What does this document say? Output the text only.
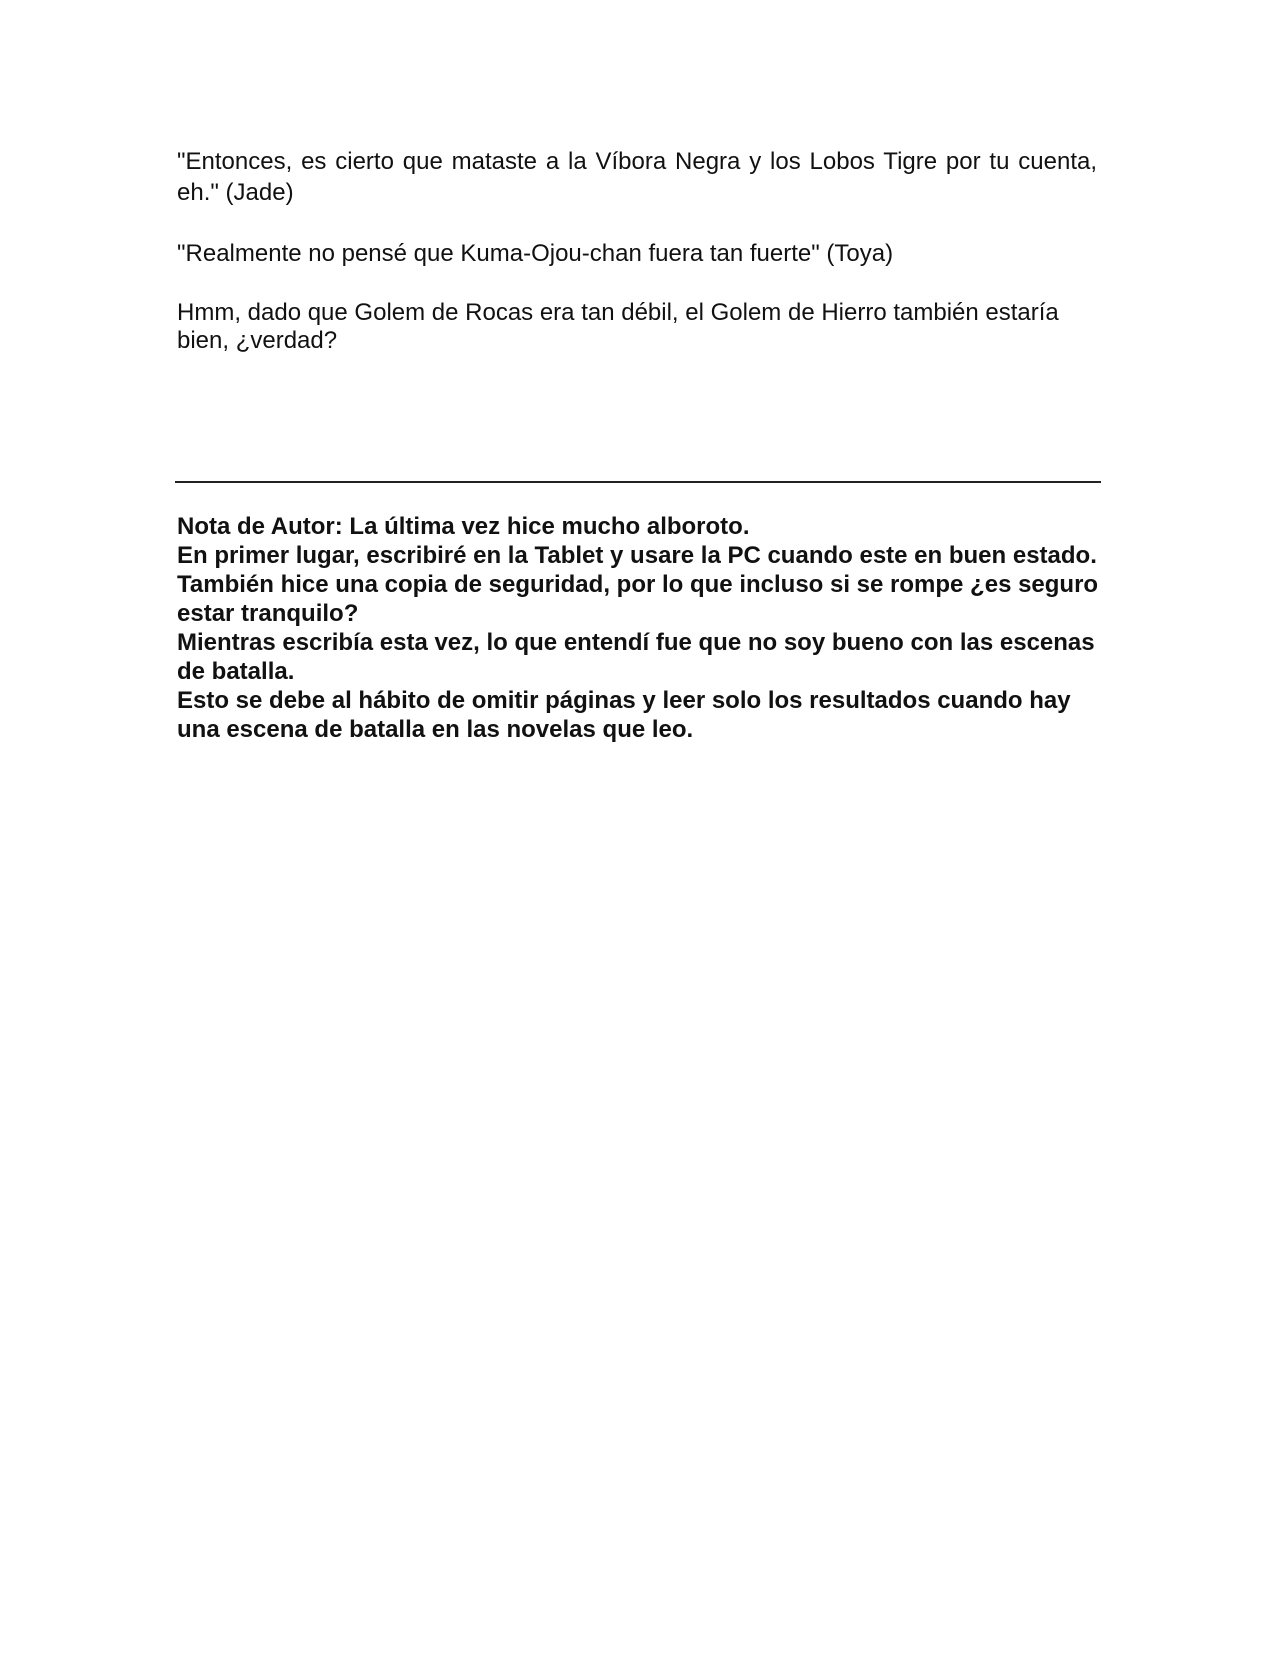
"Entonces, es cierto que mataste a la Víbora Negra y los Lobos Tigre por tu cuenta, eh." (Jade)

"Realmente no pensé que Kuma-Ojou-chan fuera tan fuerte" (Toya)

Hmm, dado que Golem de Rocas era tan débil, el Golem de Hierro también estaría bien, ¿verdad?

Nota de Autor: La última vez hice mucho alboroto.

En primer lugar, escribiré en la Tablet y usare la PC cuando este en buen estado.

También hice una copia de seguridad, por lo que incluso si se rompe ¿es seguro estar tranquilo?

Mientras escribía esta vez, lo que entendí fue que no soy bueno con las escenas de batalla.

Esto se debe al hábito de omitir páginas y leer solo los resultados cuando hay una escena de batalla en las novelas que leo.
